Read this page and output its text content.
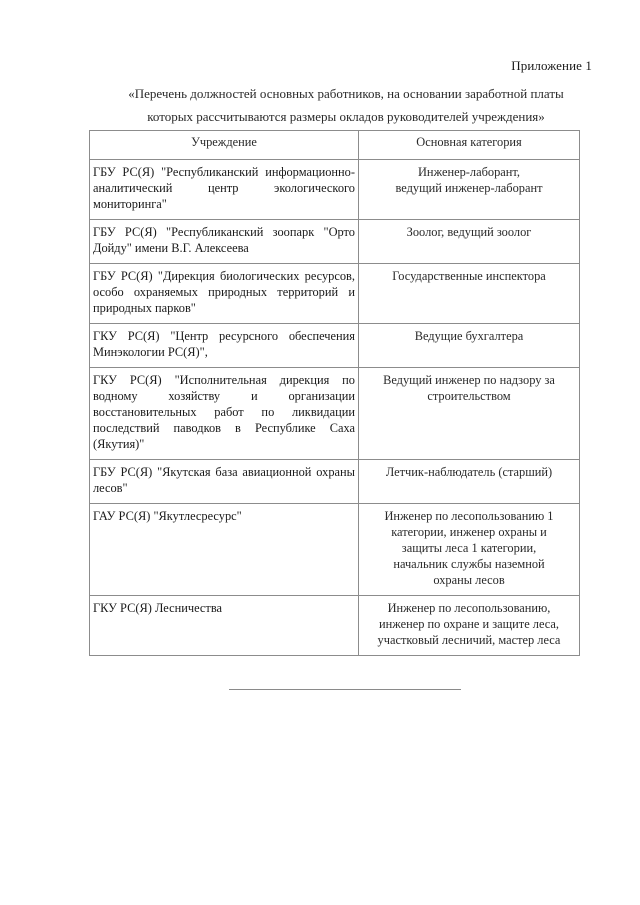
Приложение 1
«Перечень должностей основных работников, на основании заработной платы
которых рассчитываются размеры окладов руководителей учреждения»
Учреждение	Основная категория
ГБУ РС(Я) "Республиканский информационно-аналитический центр экологического мониторинга"	Инженер-лаборант,
ведущий инженер-лаборант

ГБУ РС(Я) "Республиканский зоопарк "Орто Дойду" имени В.Г. Алексеева	Зоолог, ведущий зоолог

ГБУ РС(Я) "Дирекция биологических ресурсов, особо охраняемых природных территорий и природных парков"	Государственные инспектора

ГКУ РС(Я) "Центр ресурсного обеспечения Минэкологии РС(Я)",	Ведущие бухгалтера

ГКУ РС(Я) "Исполнительная дирекция по водному хозяйству и организации восстановительных работ по ликвидации последствий паводков в Республике Саха (Якутия)"	Ведущий инженер по надзору за
строительством

ГБУ РС(Я) "Якутская база авиационной охраны лесов"	Летчик-наблюдатель (старший)

ГАУ РС(Я) "Якутлесресурс"	Инженер по лесопользованию 1
категории, инженер охраны и
защиты леса 1 категории,
начальник службы наземной
охраны лесов

ГКУ РС(Я) Лесничества	Инженер по лесопользованию,
инженер по охране и защите леса,
участковый лесничий, мастер леса
